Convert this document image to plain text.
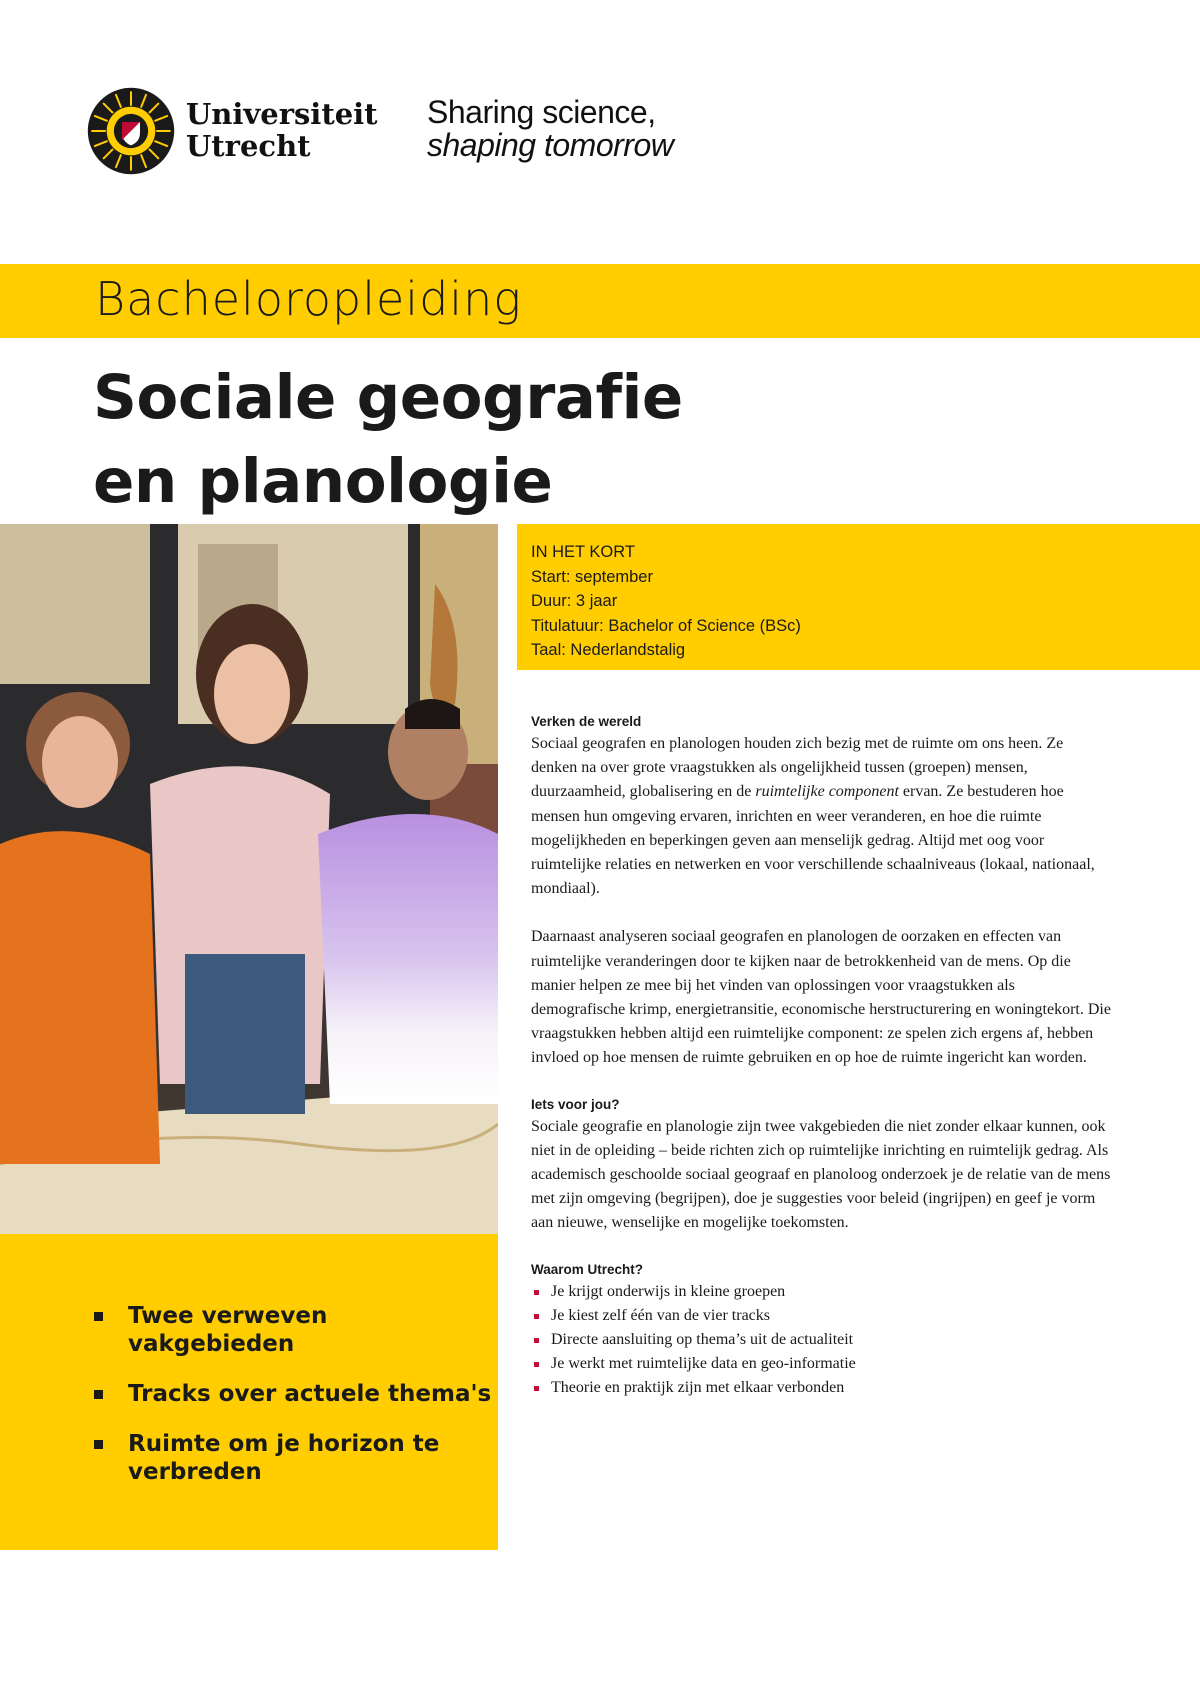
Universiteit
Utrecht
Sharing science,
shaping tomorrow
Bacheloropleiding
Sociale geografie
en planologie
Twee verweven vakgebieden
Tracks over actuele thema's
Ruimte om je horizon te verbreden
IN HET KORT
Start: september
Duur: 3 jaar
Titulatuur: Bachelor of Science (BSc)
Taal: Nederlandstalig
Verken de wereld

Sociaal geografen en planologen houden zich bezig met de ruimte om ons heen. Ze denken na over grote vraagstukken als ongelijkheid tussen (groepen) mensen, duurzaamheid, globalisering en de ruimtelijke component ervan. Ze bestuderen hoe mensen hun omgeving ervaren, inrichten en weer veranderen, en hoe die ruimte mogelijkheden en beperkingen geven aan menselijk gedrag. Altijd met oog voor ruimtelijke relaties en netwerken en voor verschillende schaalniveaus (lokaal, nationaal, mondiaal).

Daarnaast analyseren sociaal geografen en planologen de oorzaken en effecten van ruimtelijke veranderingen door te kijken naar de betrokkenheid van de mens. Op die manier helpen ze mee bij het vinden van oplossingen voor vraagstukken als demografische krimp, energietransitie, economische herstructurering en woningtekort. Die vraagstukken hebben altijd een ruimtelijke component: ze spelen zich ergens af, hebben invloed op hoe mensen de ruimte gebruiken en op hoe de ruimte ingericht kan worden.

Iets voor jou?

Sociale geografie en planologie zijn twee vakgebieden die niet zonder elkaar kunnen, ook niet in de opleiding – beide richten zich op ruimtelijke inrichting en ruimtelijk gedrag. Als academisch geschoolde sociaal geograaf en planoloog onderzoek je de relatie van de mens met zijn omgeving (begrijpen), doe je suggesties voor beleid (ingrijpen) en geef je vorm aan nieuwe, wenselijke en mogelijke toekomsten.

Waarom Utrecht?
Je krijgt onderwijs in kleine groepen
Je kiest zelf één van de vier tracks
Directe aansluiting op thema’s uit de actualiteit
Je werkt met ruimtelijke data en geo-informatie
Theorie en praktijk zijn met elkaar verbonden
